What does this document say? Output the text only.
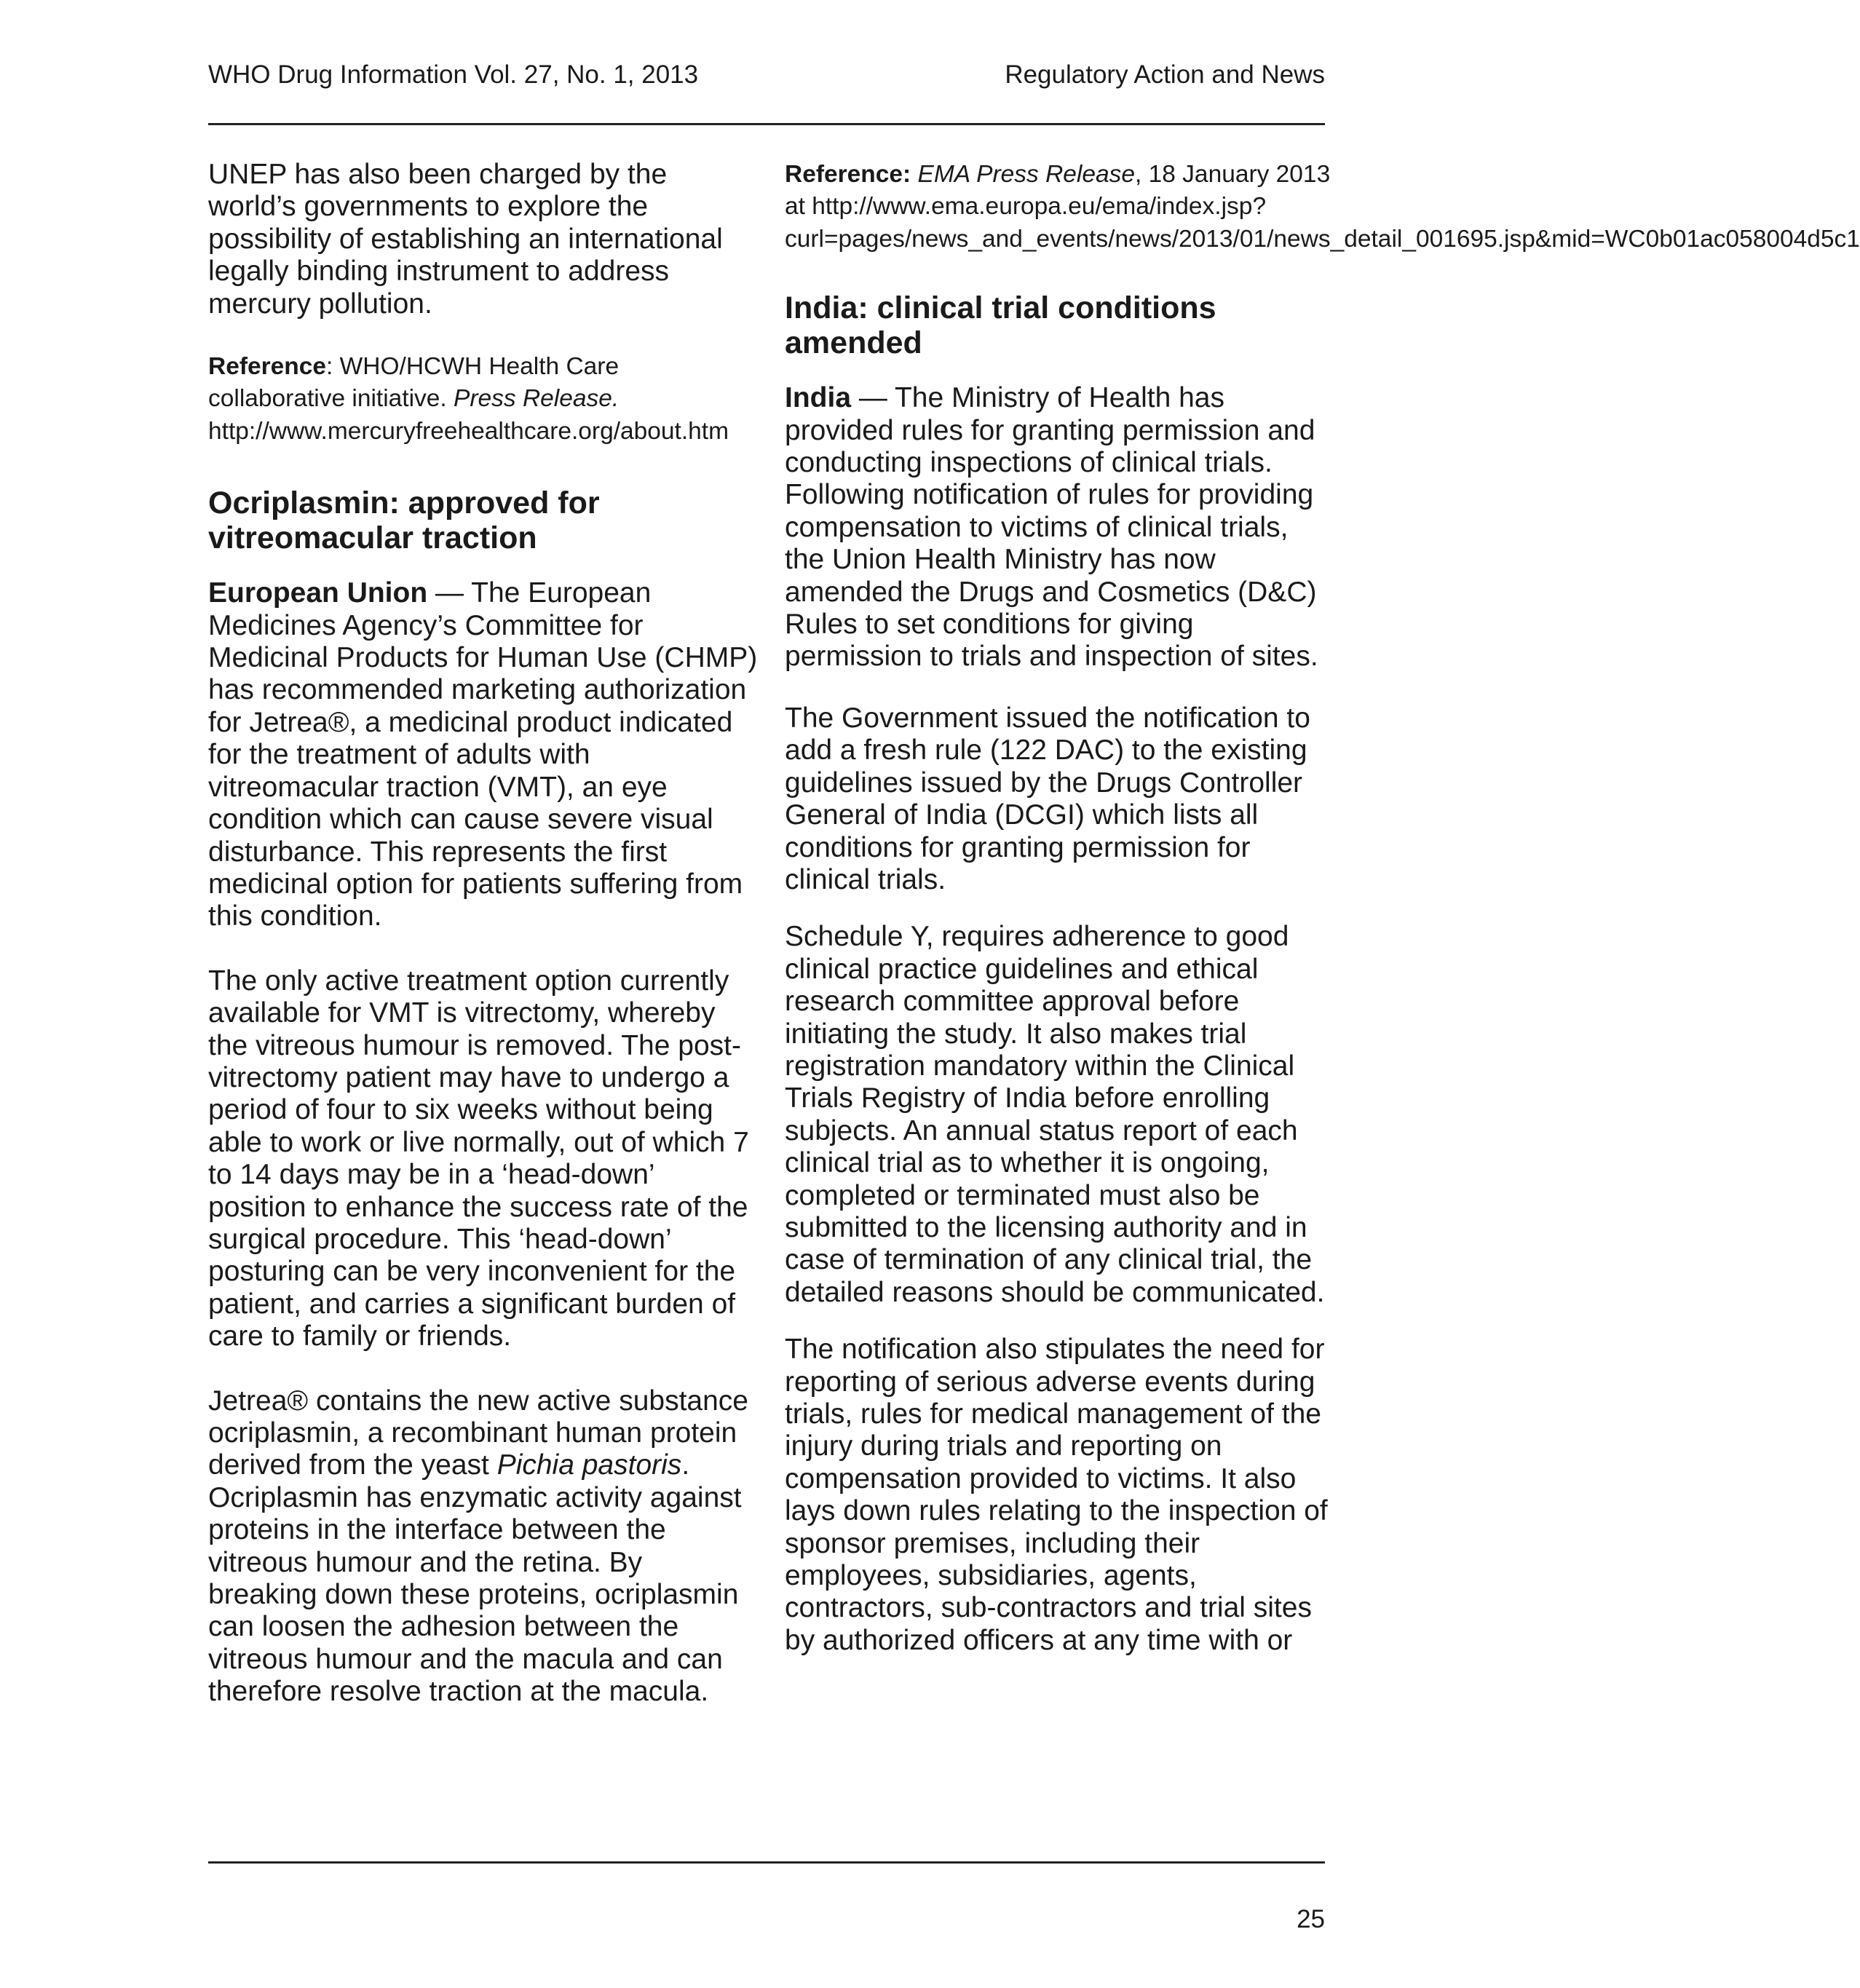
WHO Drug Information Vol. 27, No. 1, 2013	Regulatory Action and News

UNEP has also been charged by the world’s governments to explore the possibility of establishing an international legally binding instrument to address mercury pollution.

Reference: WHO/HCWH Health Care collaborative initiative. Press Release. http://www.mercuryfreehealthcare.org/about.htm

Ocriplasmin: approved for vitreomacular traction

European Union — The European Medicines Agency’s Committee for Medicinal Products for Human Use (CHMP) has recommended marketing authorization for Jetrea®, a medicinal product indicated for the treatment of adults with vitreomacular traction (VMT), an eye condition which can cause severe visual disturbance. This represents the first medicinal option for patients suffering from this condition.

The only active treatment option currently available for VMT is vitrectomy, whereby the vitreous humour is removed. The post-vitrectomy patient may have to undergo a period of four to six weeks without being able to work or live normally, out of which 7 to 14 days may be in a ‘head-down’ position to enhance the success rate of the surgical procedure. This ‘head-down’ posturing can be very inconvenient for the patient, and carries a significant burden of care to family or friends.

Jetrea® contains the new active substance ocriplasmin, a recombinant human protein derived from the yeast Pichia pastoris. Ocriplasmin has enzymatic activity against proteins in the interface between the vitreous humour and the retina. By breaking down these proteins, ocriplasmin can loosen the adhesion between the vitreous humour and the macula and can therefore resolve traction at the macula.

Reference: EMA Press Release, 18 January 2013 at http://www.ema.europa.eu/ema/index.jsp?curl=pages/news_and_events/news/2013/01/news_detail_001695.jsp&mid=WC0b01ac058004d5c1

India: clinical trial conditions amended

India — The Ministry of Health has provided rules for granting permission and conducting inspections of clinical trials. Following notification of rules for providing compensation to victims of clinical trials, the Union Health Ministry has now amended the Drugs and Cosmetics (D&C) Rules to set conditions for giving permission to trials and inspection of sites.

The Government issued the notification to add a fresh rule (122 DAC) to the existing guidelines issued by the Drugs Controller General of India (DCGI) which lists all conditions for granting permission for clinical trials.

Schedule Y, requires adherence to good clinical practice guidelines and ethical research committee approval before initiating the study. It also makes trial registration mandatory within the Clinical Trials Registry of India before enrolling subjects. An annual status report of each clinical trial as to whether it is ongoing, completed or terminated must also be submitted to the licensing authority and in case of termination of any clinical trial, the detailed reasons should be communicated.

The notification also stipulates the need for reporting of serious adverse events during trials, rules for medical management of the injury during trials and reporting on compensation provided to victims. It also lays down rules relating to the inspection of sponsor premises, including their employees, subsidiaries, agents, contractors, sub-contractors and trial sites by authorized officers at any time with or

25
